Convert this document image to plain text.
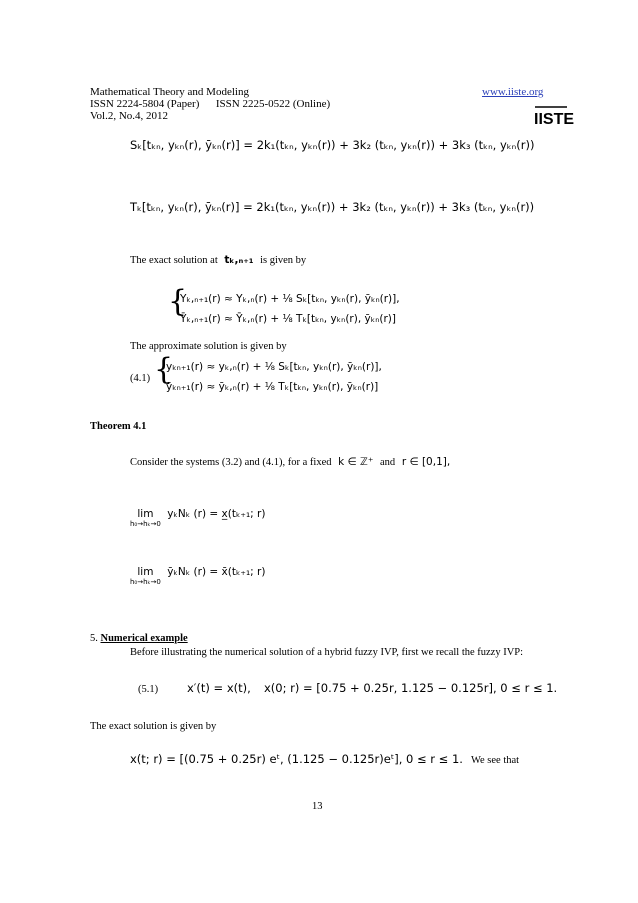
Mathematical Theory and Modeling	www.iiste.org
ISSN 2224-5804 (Paper)      ISSN 2225-0522 (Online)
Vol.2, No.4, 2012	IISTE
Sₖ[tₖₙ, yₖₙ(r), ȳₖₙ(r)] = 2k₁(tₖₙ, yₖₙ(r)) + 3k₂ (tₖₙ, yₖₙ(r)) + 3k₃ (tₖₙ, yₖₙ(r))
Tₖ[tₖₙ, yₖₙ(r), ȳₖₙ(r)] = 2k₁(tₖₙ, yₖₙ(r)) + 3k₂ (tₖₙ, yₖₙ(r)) + 3k₃ (tₖₙ, yₖₙ(r))
The exact solution at tₖ,ₙ₊₁ is given by
{
Yₖ,ₙ₊₁(r) ≈ Yₖ,ₙ(r) + ⅛ Sₖ[tₖₙ, yₖₙ(r), ȳₖₙ(r)],
Ȳₖ,ₙ₊₁(r) ≈ Ȳₖ,ₙ(r) + ⅛ Tₖ[tₖₙ, yₖₙ(r), ȳₖₙ(r)]
The approximate solution is given by
(4.1) {
yₖₙ₊₁(r) ≈ yₖ,ₙ(r) + ⅛ Sₖ[tₖₙ, yₖₙ(r), ȳₖₙ(r)],
ȳₖₙ₊₁(r) ≈ ȳₖ,ₙ(r) + ⅛ Tₖ[tₖₙ, yₖₙ(r), ȳₖₙ(r)]
Theorem 4.1
Consider the systems (3.2) and (4.1), for a fixed k ∈ ℤ⁺ and r ∈ [0,1],
lim
h₀→hₖ→0
yₖNₖ (r) = x̲(tₖ₊₁; r)
lim
h₀→hₖ→0
ȳₖNₖ (r) = x̄(tₖ₊₁; r)
5. Numerical example
Before illustrating the numerical solution of a hybrid fuzzy IVP, first we recall the fuzzy IVP:
(5.1)	x′(t) = x(t), x(0; r) = [0.75 + 0.25r, 1.125 − 0.125r], 0 ≤ r ≤ 1.
The exact solution is given by
x(t; r) = [(0.75 + 0.25r) eᵗ, (1.125 − 0.125r)eᵗ], 0 ≤ r ≤ 1. We see that
13
